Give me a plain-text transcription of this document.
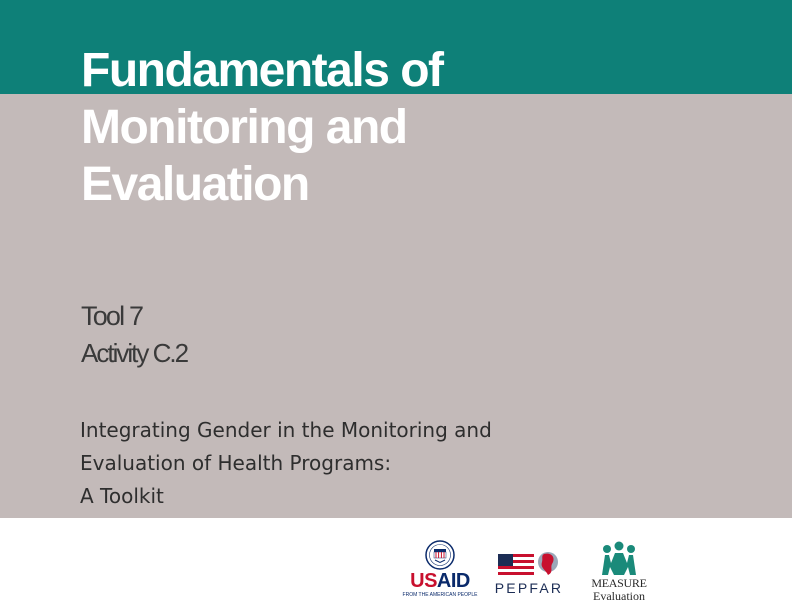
Fundamentals of
Monitoring and
Evaluation
Tool 7
Activity C.2
Integrating Gender in the Monitoring and
Evaluation of Health Programs:
A Toolkit
USAID
FROM THE AMERICAN PEOPLE PEPFAR	MEASURE
Evaluation
